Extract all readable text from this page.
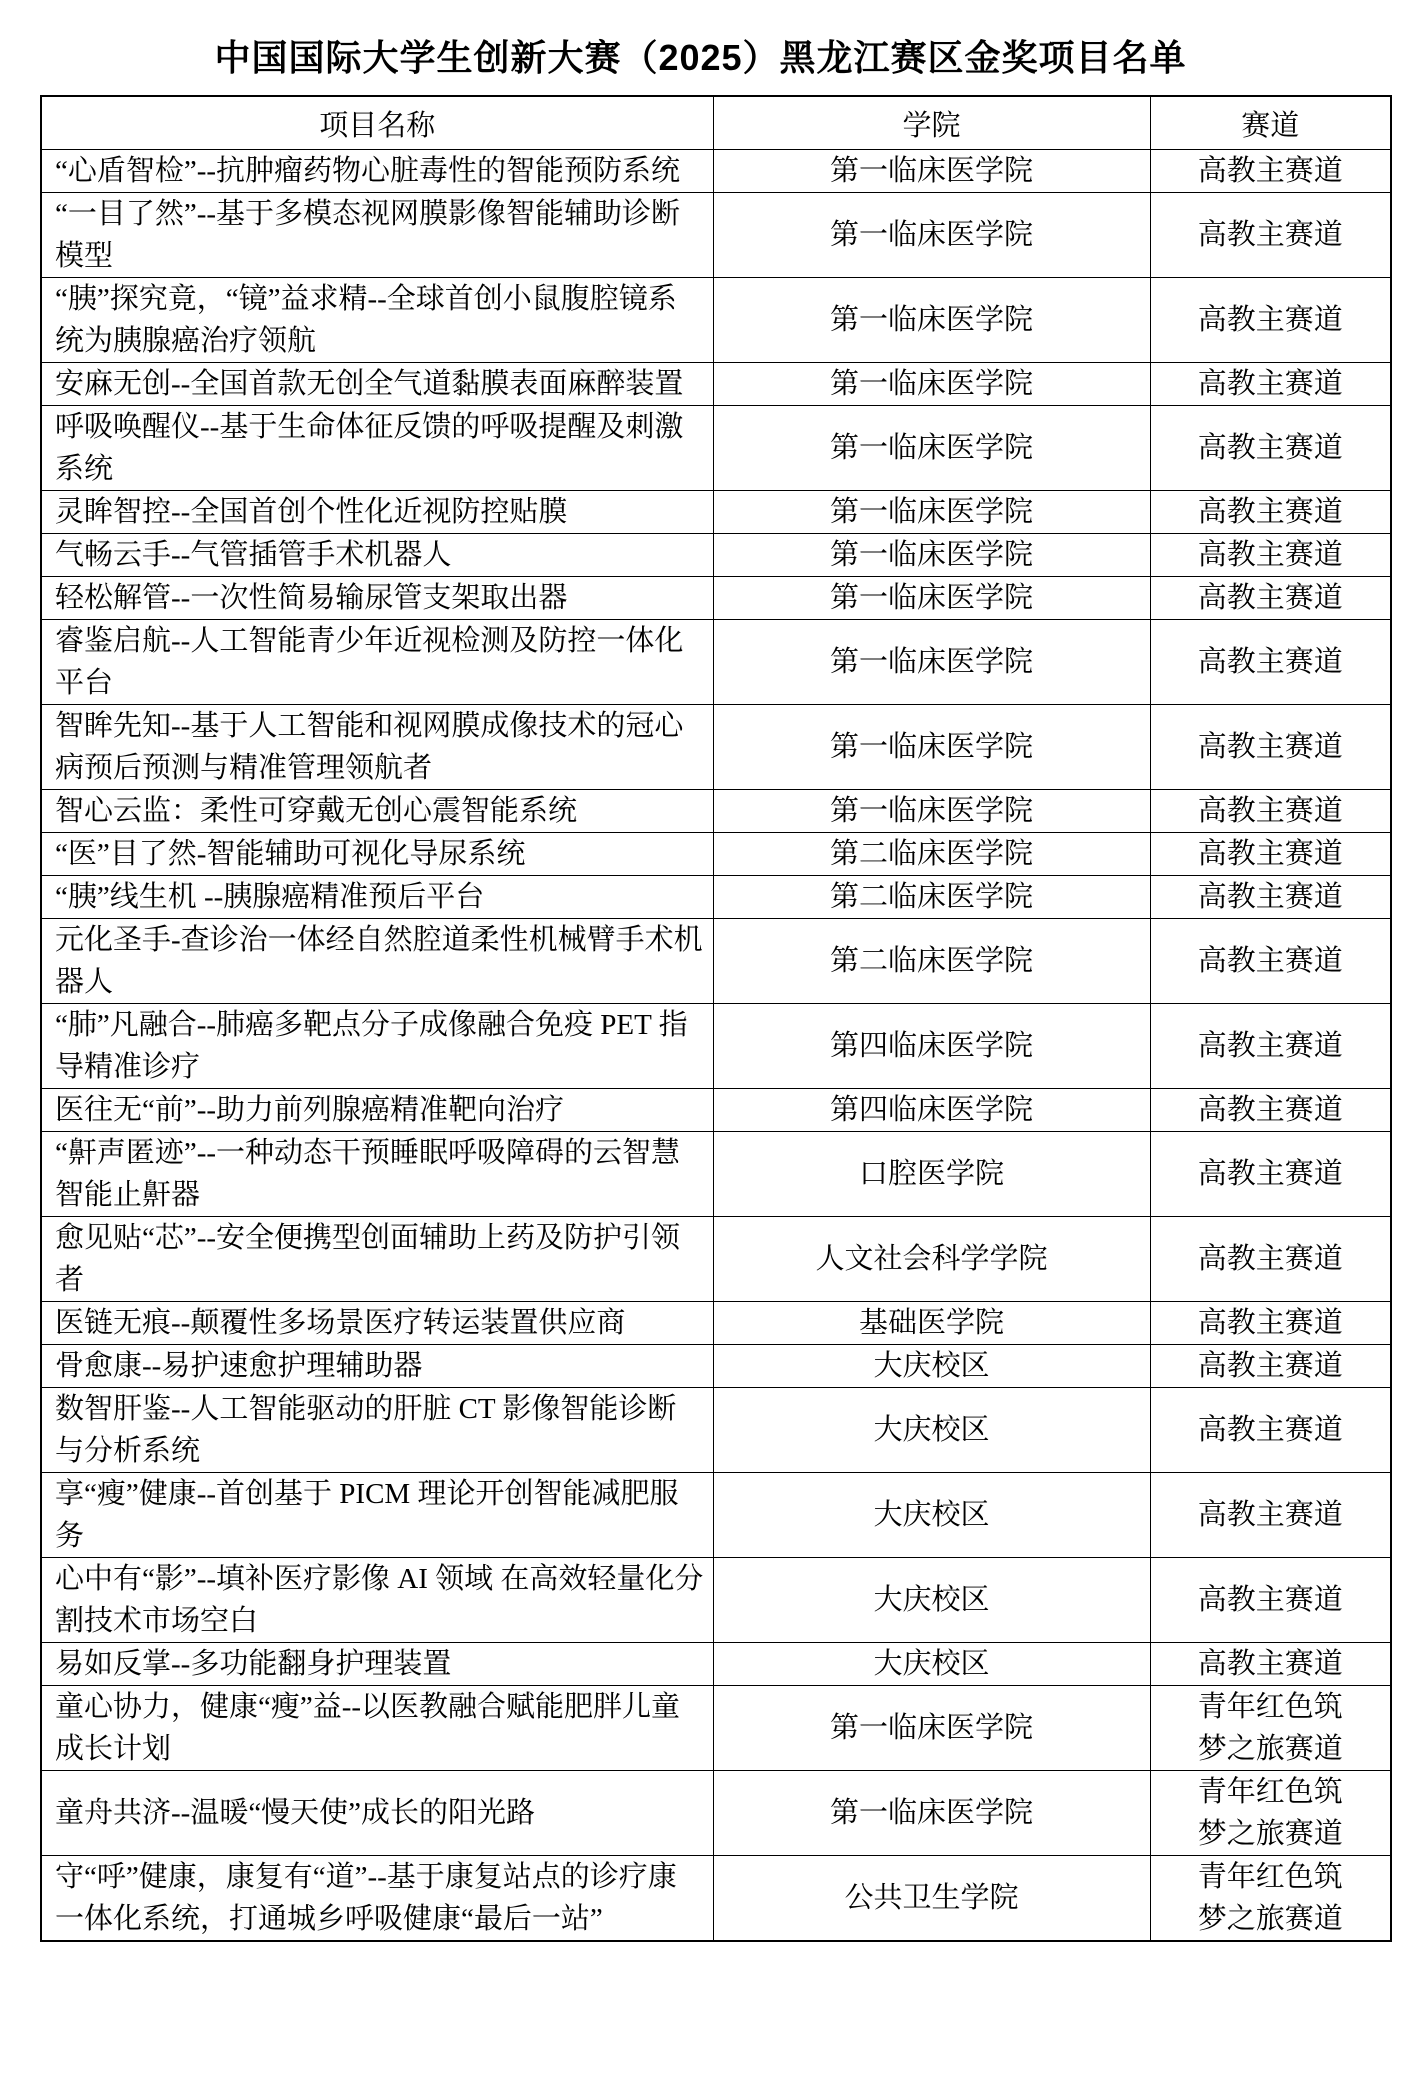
中国国际大学生创新大赛（2025）黑龙江赛区金奖项目名单
项目名称	学院	赛道
“心盾智检”--抗肿瘤药物心脏毒性的智能预防系统	第一临床医学院	高教主赛道
“一目了然”--基于多模态视网膜影像智能辅助诊断模型	第一临床医学院	高教主赛道
“胰”探究竟，“镜”益求精--全球首创小鼠腹腔镜系统为胰腺癌治疗领航	第一临床医学院	高教主赛道
安麻无创--全国首款无创全气道黏膜表面麻醉装置	第一临床医学院	高教主赛道
呼吸唤醒仪--基于生命体征反馈的呼吸提醒及刺激系统	第一临床医学院	高教主赛道
灵眸智控--全国首创个性化近视防控贴膜	第一临床医学院	高教主赛道
气畅云手--气管插管手术机器人	第一临床医学院	高教主赛道
轻松解管--一次性简易输尿管支架取出器	第一临床医学院	高教主赛道
睿鉴启航--人工智能青少年近视检测及防控一体化平台	第一临床医学院	高教主赛道
智眸先知--基于人工智能和视网膜成像技术的冠心病预后预测与精准管理领航者	第一临床医学院	高教主赛道
智心云监：柔性可穿戴无创心震智能系统	第一临床医学院	高教主赛道
“医”目了然-智能辅助可视化导尿系统	第二临床医学院	高教主赛道
“胰”线生机 --胰腺癌精准预后平台	第二临床医学院	高教主赛道
元化圣手-查诊治一体经自然腔道柔性机械臂手术机器人	第二临床医学院	高教主赛道
“肺”凡融合--肺癌多靶点分子成像融合免疫 PET 指导精准诊疗	第四临床医学院	高教主赛道
医往无“前”--助力前列腺癌精准靶向治疗	第四临床医学院	高教主赛道
“鼾声匿迹”--一种动态干预睡眠呼吸障碍的云智慧智能止鼾器	口腔医学院	高教主赛道
愈见贴“芯”--安全便携型创面辅助上药及防护引领者	人文社会科学学院	高教主赛道
医链无痕--颠覆性多场景医疗转运装置供应商	基础医学院	高教主赛道
骨愈康--易护速愈护理辅助器	大庆校区	高教主赛道
数智肝鉴--人工智能驱动的肝脏 CT 影像智能诊断与分析系统	大庆校区	高教主赛道
享“瘦”健康--首创基于 PICM 理论开创智能减肥服务	大庆校区	高教主赛道
心中有“影”--填补医疗影像 AI 领域 在高效轻量化分割技术市场空白	大庆校区	高教主赛道
易如反掌--多功能翻身护理装置	大庆校区	高教主赛道
童心协力，健康“瘦”益--以医教融合赋能肥胖儿童成长计划	第一临床医学院	青年红色筑梦之旅赛道
童舟共济--温暖“慢天使”成长的阳光路	第一临床医学院	青年红色筑梦之旅赛道
守“呼”健康，康复有“道”--基于康复站点的诊疗康一体化系统，打通城乡呼吸健康“最后一站”	公共卫生学院	青年红色筑梦之旅赛道
